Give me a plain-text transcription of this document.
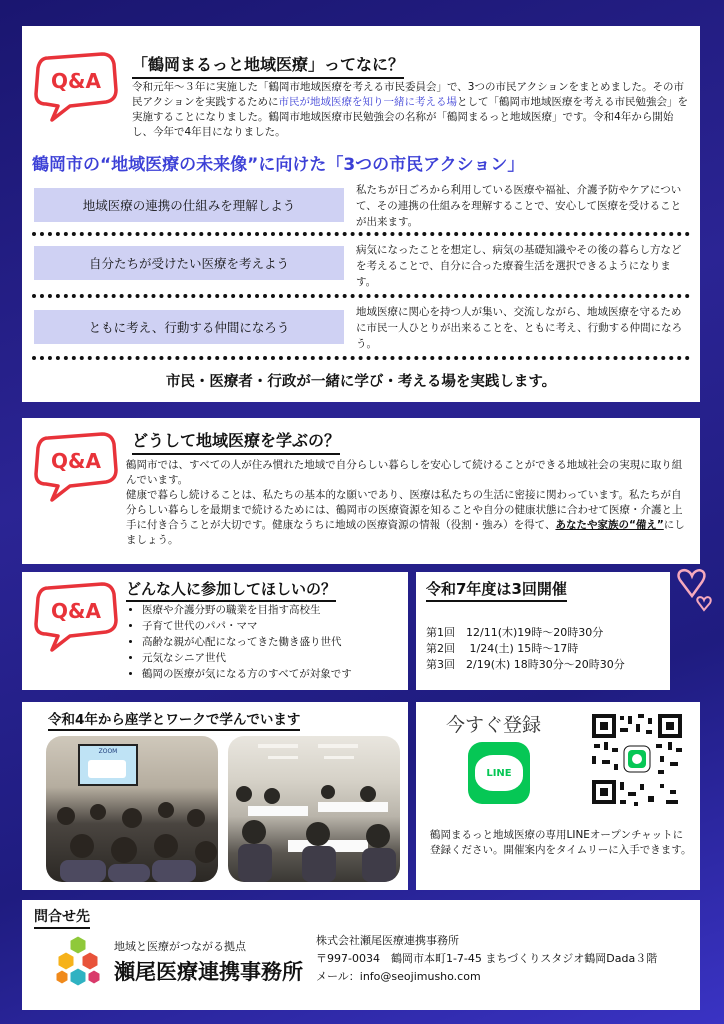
Q&A
「鶴岡まるっと地域医療」ってなに？
令和元年〜３年に実施した「鶴岡市地域医療を考える市民委員会」で、3つの市民アクションをまとめました。その市民アクションを実践するために市民が地域医療を知り一緒に考える場として「鶴岡市地域医療を考える市民勉強会」を実施することになりました。鶴岡市地域医療市民勉強会の名称が「鶴岡まるっと地域医療」です。令和4年から開始し、今年で4年目になりました。
鶴岡市の“地域医療の未来像”に向けた「3つの市民アクション」
地域医療の連携の仕組みを理解しよう
私たちが日ごろから利用している医療や福祉、介護予防やケアについて、その連携の仕組みを理解することで、安心して医療を受けることが出来ます。
自分たちが受けたい医療を考えよう
病気になったことを想定し、病気の基礎知識やその後の暮らし方などを考えることで、自分に合った療養生活を選択できるようになります。
ともに考え、行動する仲間になろう
地域医療に関心を持つ人が集い、交流しながら、地域医療を守るために市民一人ひとりが出来ることを、ともに考え、行動する仲間になろう。
市民・医療者・行政が一緒に学び・考える場を実践します。
Q&A
どうして地域医療を学ぶの？
鶴岡市では、すべての人が住み慣れた地域で自分らしい暮らしを安心して続けることができる地域社会の実現に取り組んでいます。
健康で暮らし続けることは、私たちの基本的な願いであり、医療は私たちの生活に密接に関わっています。私たちが自分らしい暮らしを最期まで続けるためには、鶴岡市の医療資源を知ることや自分の健康状態に合わせて医療・介護と上手に付き合うことが大切です。健康なうちに地域の医療資源の情報（役割・強み）を得て、あなたや家族の“備え”にしましょう。
Q&A
どんな人に参加してほしいの？
• 医療や介護分野の職業を目指す高校生
• 子育て世代のパパ・ママ
• 高齢な親が心配になってきた働き盛り世代
• 元気なシニア世代
• 鶴岡の医療が気になる方のすべてが対象です
令和7年度は3回開催
第1回　12/11(木)19時〜20時30分
第2回　 1/24(土) 15時〜17時
第3回　2/19(木) 18時30分〜20時30分
令和4年から座学とワークで学んでいます
ZOOM
今すぐ登録
LINE
鶴岡まるっと地域医療の専用LINEオープンチャットに登録ください。開催案内をタイムリーに入手できます。
問合せ先
地域と医療がつながる拠点
瀬尾医療連携事務所
株式会社瀬尾医療連携事務所
〒997-0034　鶴岡市本町1-7-45 まちづくりスタジオ鶴岡Dada３階
メール：info@seojimusho.com
